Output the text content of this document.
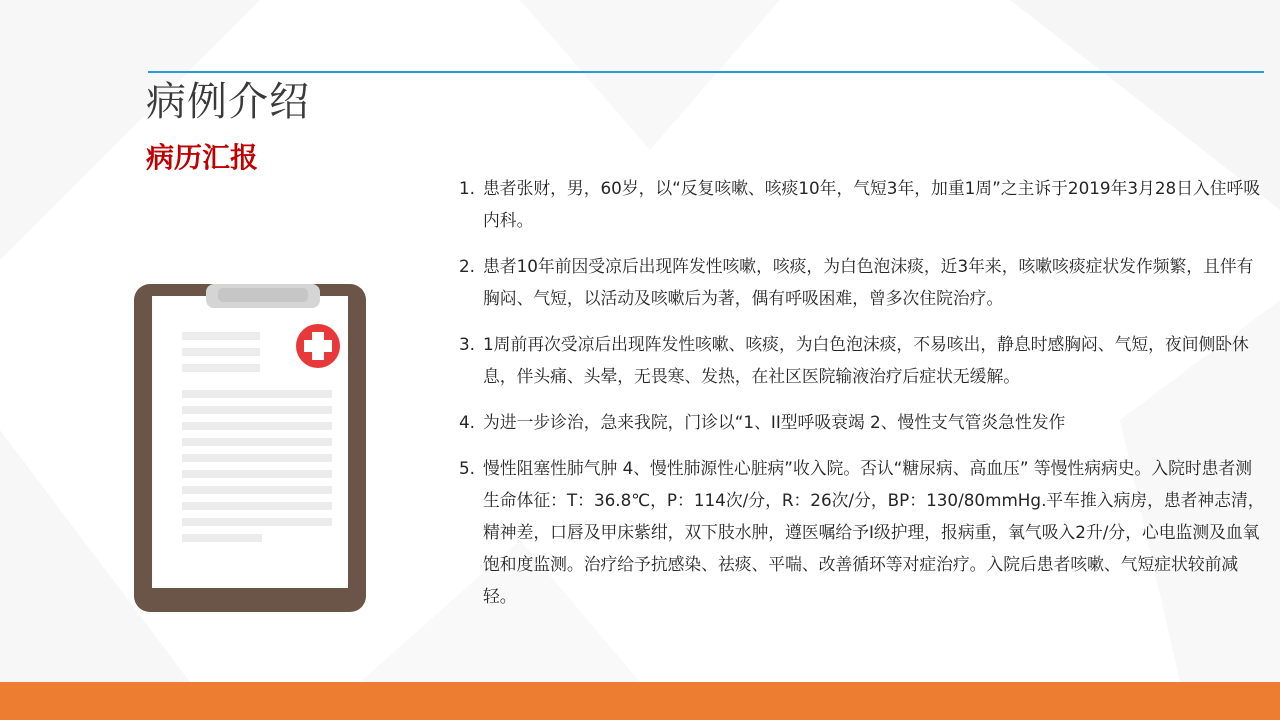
病例介绍
病历汇报
1. 患者张财，男，60岁，以“反复咳嗽、咳痰10年，气短3年，加重1周”之主诉于2019年3月28日入住呼吸内科。
2. 患者10年前因受凉后出现阵发性咳嗽，咳痰，为白色泡沫痰，近3年来，咳嗽咳痰症状发作频繁，且伴有胸闷、气短，以活动及咳嗽后为著，偶有呼吸困难，曾多次住院治疗。
3. 1周前再次受凉后出现阵发性咳嗽、咳痰，为白色泡沫痰，不易咳出，静息时感胸闷、气短，夜间侧卧休息，伴头痛、头晕，无畏寒、发热，在社区医院输液治疗后症状无缓解。
4. 为进一步诊治，急来我院，门诊以“1、II型呼吸衰竭 2、慢性支气管炎急性发作
5. 慢性阻塞性肺气肿 4、慢性肺源性心脏病”收入院。否认“糖尿病、高血压” 等慢性病病史。入院时患者测生命体征：T：36.8℃，P：114次/分，R：26次/分，BP：130/80mmHg.平车推入病房，患者神志清，精神差，口唇及甲床紫绀，双下肢水肿，遵医嘱给予Ⅰ级护理，报病重，氧气吸入2升/分，心电监测及血氧饱和度监测。治疗给予抗感染、祛痰、平喘、改善循环等对症治疗。入院后患者咳嗽、气短症状较前减轻。
